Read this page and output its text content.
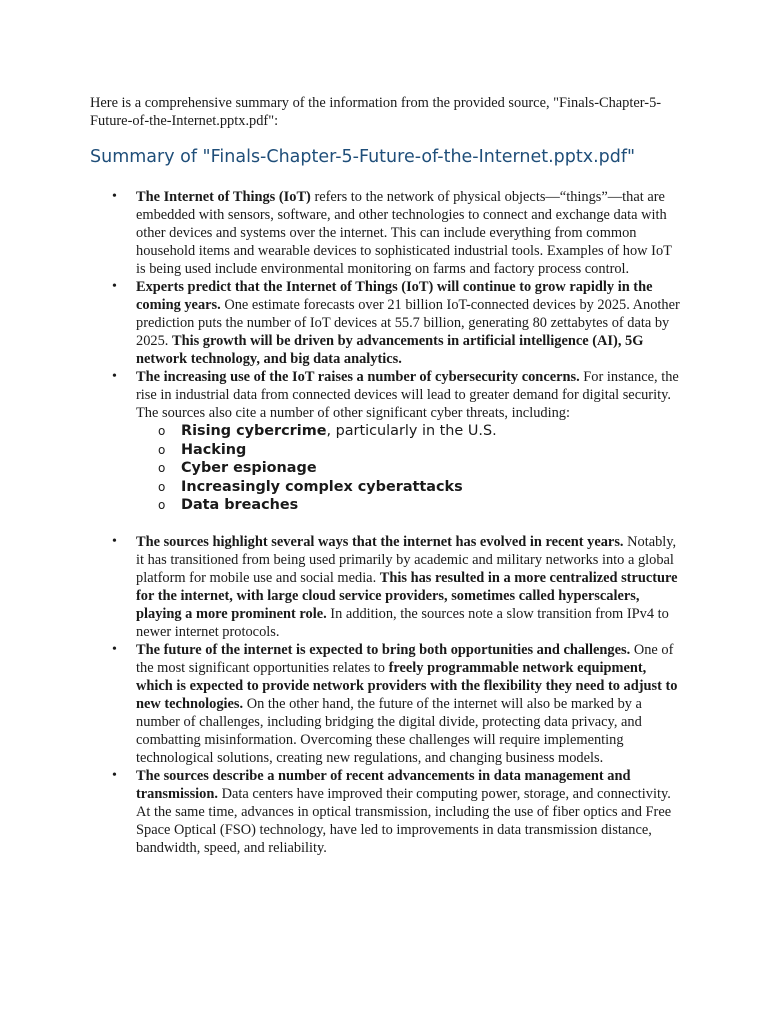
Here is a comprehensive summary of the information from the provided source, "Finals-Chapter-5-Future-of-the-Internet.pptx.pdf":

Summary of "Finals-Chapter-5-Future-of-the-Internet.pptx.pdf"
• The Internet of Things (IoT) refers to the network of physical objects—“things”—that are embedded with sensors, software, and other technologies to connect and exchange data with other devices and systems over the internet. This can include everything from common household items and wearable devices to sophisticated industrial tools. Examples of how IoT is being used include environmental monitoring on farms and factory process control.
• Experts predict that the Internet of Things (IoT) will continue to grow rapidly in the coming years. One estimate forecasts over 21 billion IoT-connected devices by 2025. Another prediction puts the number of IoT devices at 55.7 billion, generating 80 zettabytes of data by 2025. This growth will be driven by advancements in artificial intelligence (AI), 5G network technology, and big data analytics.
• The increasing use of the IoT raises a number of cybersecurity concerns. For instance, the rise in industrial data from connected devices will lead to greater demand for digital security. The sources also cite a number of other significant cyber threats, including:
o Rising cybercrime, particularly in the U.S.
o Hacking
o Cyber espionage
o Increasingly complex cyberattacks
o Data breaches
• The sources highlight several ways that the internet has evolved in recent years. Notably, it has transitioned from being used primarily by academic and military networks into a global platform for mobile use and social media. This has resulted in a more centralized structure for the internet, with large cloud service providers, sometimes called hyperscalers, playing a more prominent role. In addition, the sources note a slow transition from IPv4 to newer internet protocols.
• The future of the internet is expected to bring both opportunities and challenges. One of the most significant opportunities relates to freely programmable network equipment, which is expected to provide network providers with the flexibility they need to adjust to new technologies. On the other hand, the future of the internet will also be marked by a number of challenges, including bridging the digital divide, protecting data privacy, and combatting misinformation. Overcoming these challenges will require implementing technological solutions, creating new regulations, and changing business models.
• The sources describe a number of recent advancements in data management and transmission. Data centers have improved their computing power, storage, and connectivity. At the same time, advances in optical transmission, including the use of fiber optics and Free Space Optical (FSO) technology, have led to improvements in data transmission distance, bandwidth, speed, and reliability.
